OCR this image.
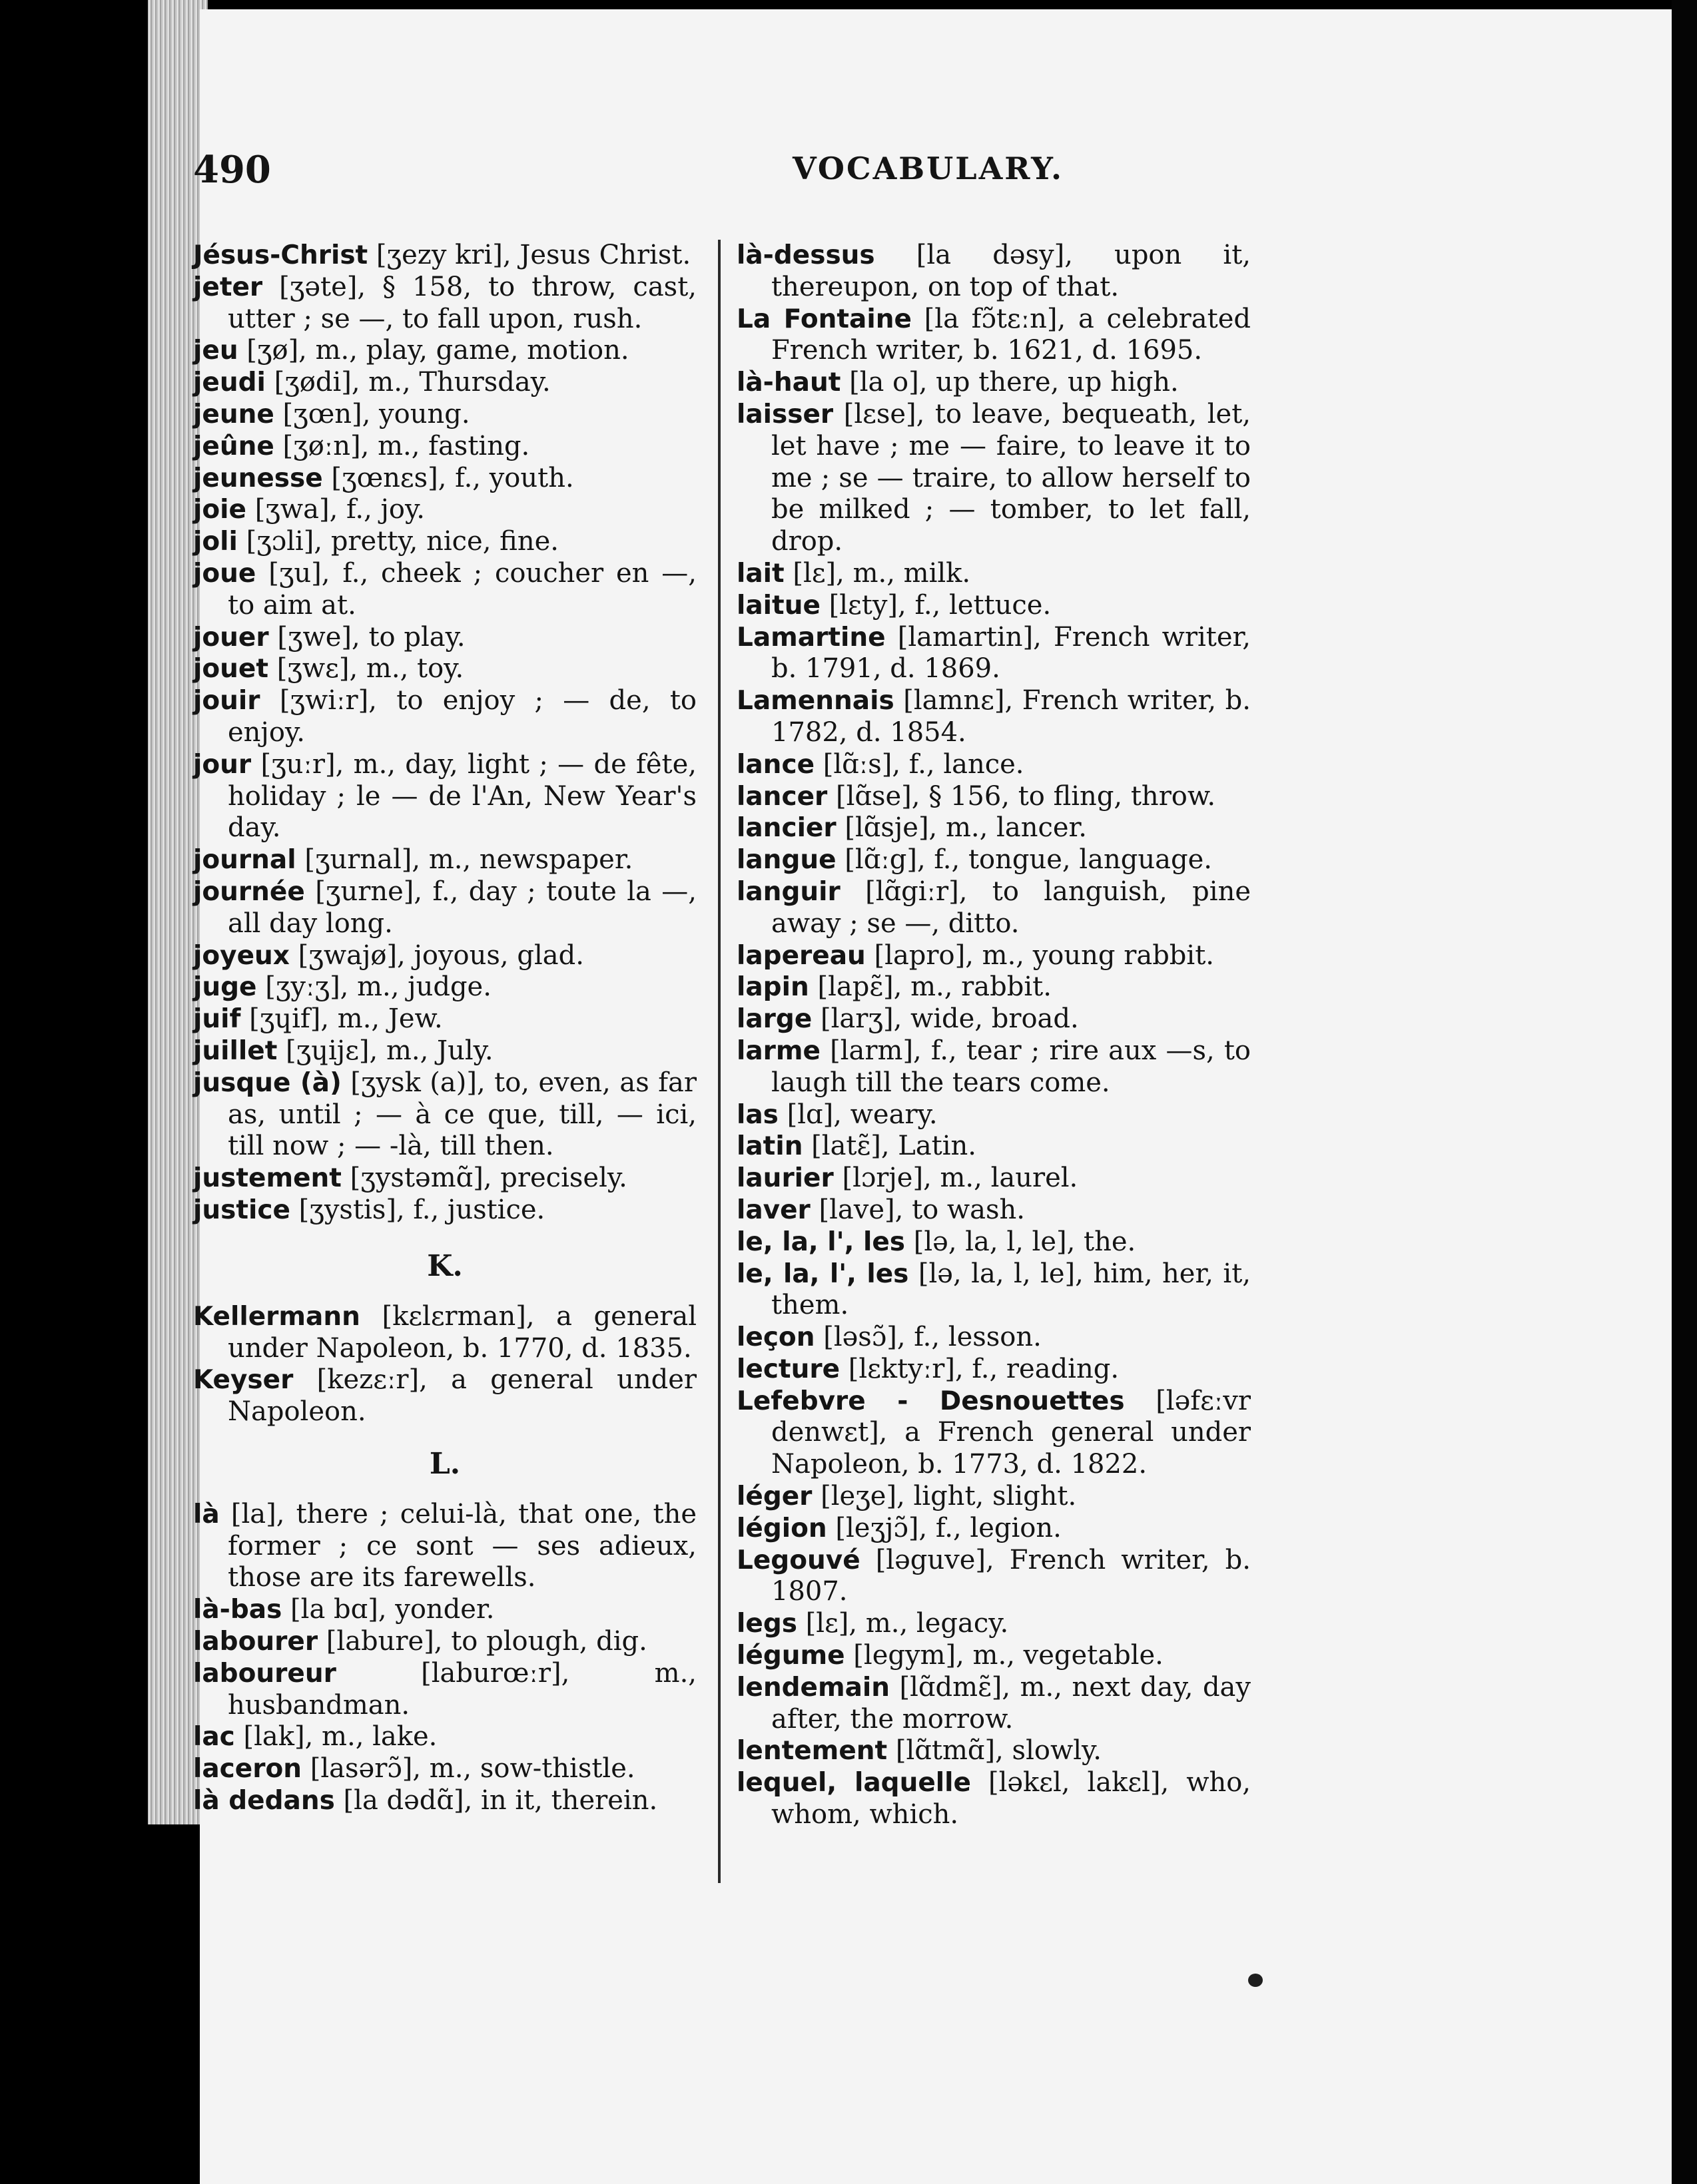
490	VOCABULARY.
Jésus-Christ [ʒezy kri], Jesus Christ.
jeter [ʒəte], § 158, to throw, cast, utter ; se —, to fall upon, rush.
jeu [ʒø], m., play, game, motion.
jeudi [ʒødi], m., Thursday.
jeune [ʒœn], young.
jeûne [ʒøːn], m., fasting.
jeunesse [ʒœnɛs], f., youth.
joie [ʒwa], f., joy.
joli [ʒɔli], pretty, nice, fine.
joue [ʒu], f., cheek ; coucher en —, to aim at.
jouer [ʒwe], to play.
jouet [ʒwɛ], m., toy.
jouir [ʒwiːr], to enjoy ; — de, to enjoy.
jour [ʒuːr], m., day, light ; — de fête, holiday ; le — de l'An, New Year's day.
journal [ʒurnal], m., newspaper.
journée [ʒurne], f., day ; toute la —, all day long.
joyeux [ʒwajø], joyous, glad.
juge [ʒyːʒ], m., judge.
juif [ʒɥif], m., Jew.
juillet [ʒɥijɛ], m., July.
jusque (à) [ʒysk (a)], to, even, as far as, until ; — à ce que, till, — ici, till now ; — -là, till then.
justement [ʒystəmɑ̃], precisely.
justice [ʒystis], f., justice.
K.
Kellermann [kɛlɛrman], a general under Napoleon, b. 1770, d. 1835.
Keyser [kezɛːr], a general under Napoleon.
L.
là [la], there ; celui-là, that one, the former ; ce sont — ses adieux, those are its farewells.
là-bas [la bɑ], yonder.
labourer [labure], to plough, dig.
laboureur [laburœːr], m., husbandman.
lac [lak], m., lake.
laceron [lasərɔ̃], m., sow-thistle.
là dedans [la dədɑ̃], in it, therein.
là-dessus [la dəsy], upon it, thereupon, on top of that.
La Fontaine [la fɔ̃tɛːn], a celebrated French writer, b. 1621, d. 1695.
là-haut [la o], up there, up high.
laisser [lɛse], to leave, bequeath, let, let have ; me — faire, to leave it to me ; se — traire, to allow herself to be milked ; — tomber, to let fall, drop.
lait [lɛ], m., milk.
laitue [lɛty], f., lettuce.
Lamartine [lamartin], French writer, b. 1791, d. 1869.
Lamennais [lamnɛ], French writer, b. 1782, d. 1854.
lance [lɑ̃ːs], f., lance.
lancer [lɑ̃se], § 156, to fling, throw.
lancier [lɑ̃sje], m., lancer.
langue [lɑ̃ːg], f., tongue, language.
languir [lɑ̃giːr], to languish, pine away ; se —, ditto.
lapereau [lapro], m., young rabbit.
lapin [lapɛ̃], m., rabbit.
large [larʒ], wide, broad.
larme [larm], f., tear ; rire aux —s, to laugh till the tears come.
las [lɑ], weary.
latin [latɛ̃], Latin.
laurier [lɔrje], m., laurel.
laver [lave], to wash.
le, la, l', les [lə, la, l, le], the.
le, la, l', les [lə, la, l, le], him, her, it, them.
leçon [ləsɔ̃], f., lesson.
lecture [lɛktyːr], f., reading.
Lefebvre - Desnouettes [ləfɛːvr denwɛt], a French general under Napoleon, b. 1773, d. 1822.
léger [leʒe], light, slight.
légion [leʒjɔ̃], f., legion.
Legouvé [ləguve], French writer, b. 1807.
legs [lɛ], m., legacy.
légume [legym], m., vegetable.
lendemain [lɑ̃dmɛ̃], m., next day, day after, the morrow.
lentement [lɑ̃tmɑ̃], slowly.
lequel, laquelle [ləkɛl, lakɛl], who, whom, which.
